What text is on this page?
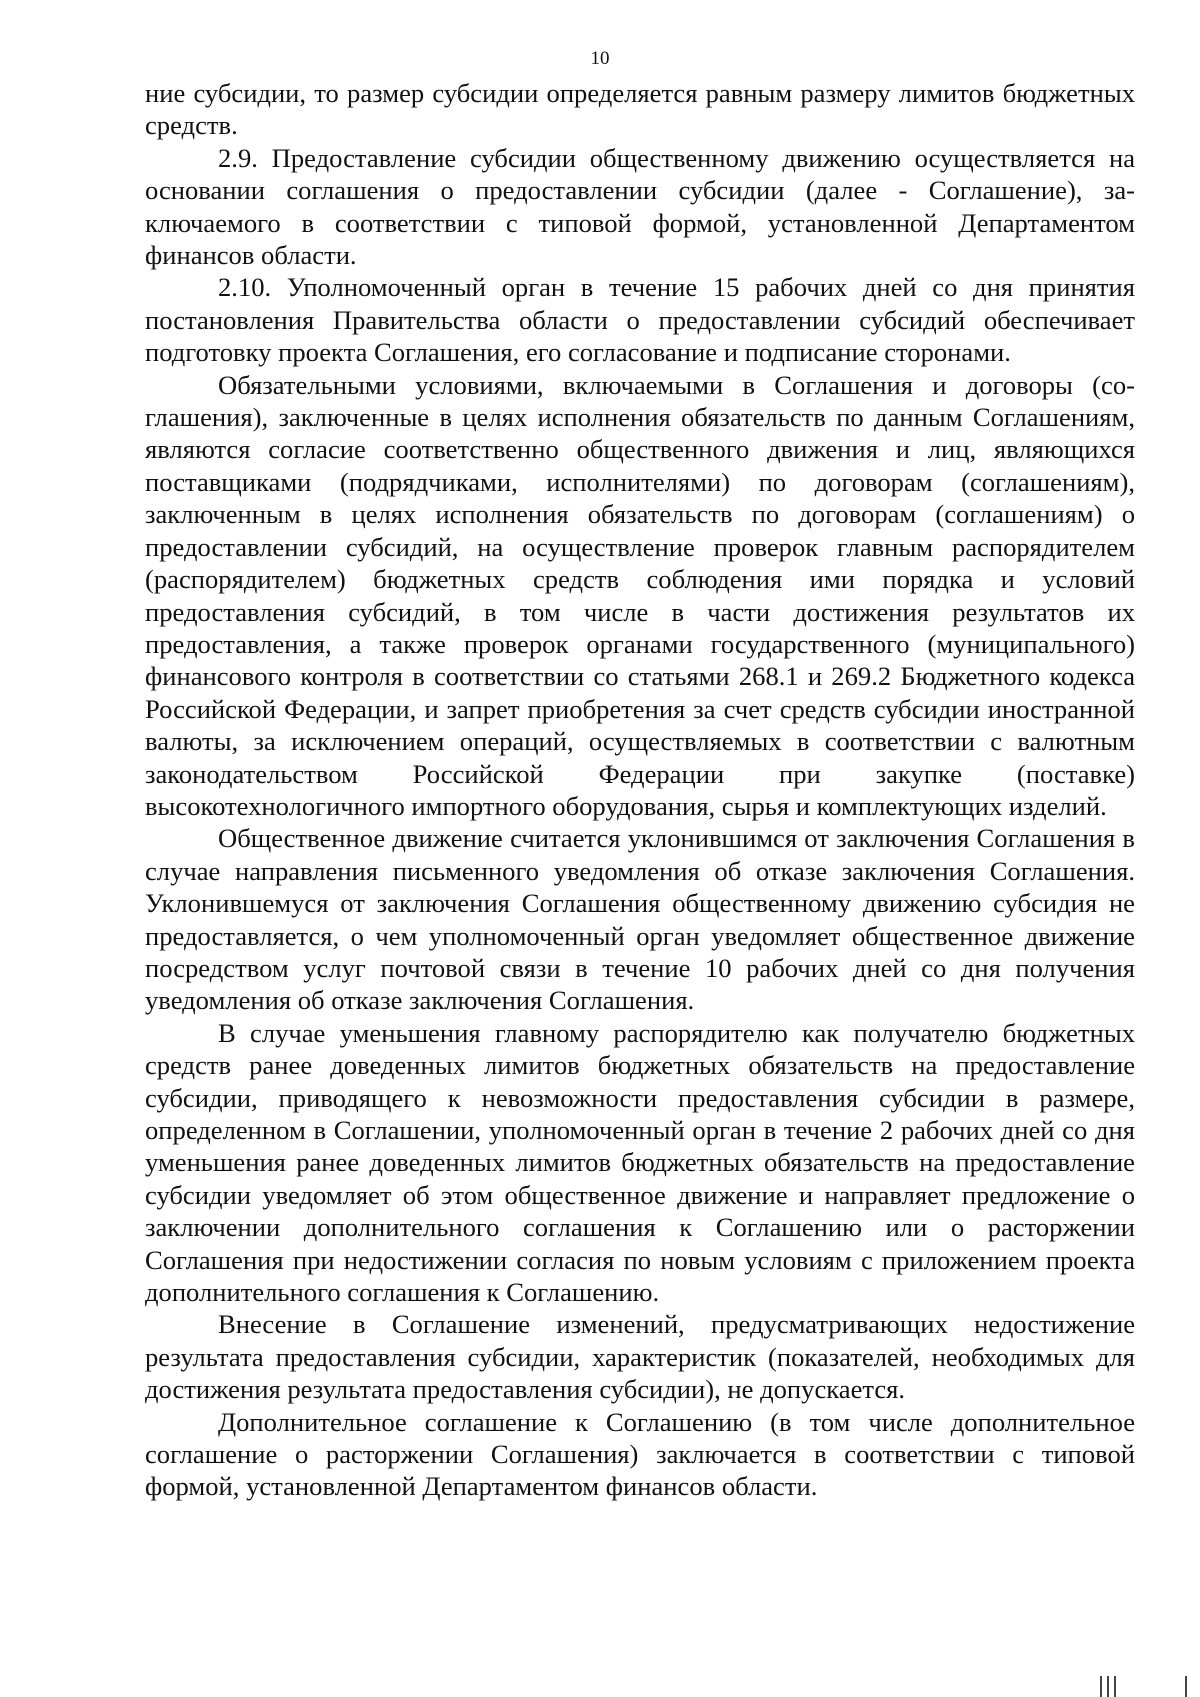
10

ние субсидии, то размер субсидии определяется равным размеру лимитов бюджетных средств.

2.9. Предоставление субсидии общественному движению осуществляется на основании соглашения о предоставлении субсидии (далее - Соглашение), заключаемого в соответствии с типовой формой, установленной Департаментом финансов области.

2.10. Уполномоченный орган в течение 15 рабочих дней со дня принятия постановления Правительства области о предоставлении субсидий обеспечивает подготовку проекта Соглашения, его согласование и подписание сторонами.

Обязательными условиями, включаемыми в Соглашения и договоры (соглашения), заключенные в целях исполнения обязательств по данным Соглашениям, являются согласие соответственно общественного движения и лиц, являющихся поставщиками (подрядчиками, исполнителями) по договорам (соглашениям), заключенным в целях исполнения обязательств по договорам (соглашениям) о предоставлении субсидий, на осуществление проверок главным распорядителем (распорядителем) бюджетных средств соблюдения ими порядка и условий предоставления субсидий, в том числе в части достижения результатов их предоставления, а также проверок органами государственного (муниципального) финансового контроля в соответствии со статьями 268.1 и 269.2 Бюджетного кодекса Российской Федерации, и запрет приобретения за счет средств субсидии иностранной валюты, за исключением операций, осуществляемых в соответствии с валютным законодательством Российской Федерации при закупке (поставке) высокотехнологичного импортного оборудования, сырья и комплектующих изделий.

Общественное движение считается уклонившимся от заключения Соглашения в случае направления письменного уведомления об отказе заключения Соглашения. Уклонившемуся от заключения Соглашения общественному движению субсидия не предоставляется, о чем уполномоченный орган уведомляет общественное движение посредством услуг почтовой связи в течение 10 рабочих дней со дня получения уведомления об отказе заключения Соглашения.

В случае уменьшения главному распорядителю как получателю бюджетных средств ранее доведенных лимитов бюджетных обязательств на предоставление субсидии, приводящего к невозможности предоставления субсидии в размере, определенном в Соглашении, уполномоченный орган в течение 2 рабочих дней со дня уменьшения ранее доведенных лимитов бюджетных обязательств на предоставление субсидии уведомляет об этом общественное движение и направляет предложение о заключении дополнительного соглашения к Соглашению или о расторжении Соглашения при недостижении согласия по новым условиям с приложением проекта дополнительного соглашения к Соглашению.

Внесение в Соглашение изменений, предусматривающих недостижение результата предоставления субсидии, характеристик (показателей, необходимых для достижения результата предоставления субсидии), не допускается.

Дополнительное соглашение к Соглашению (в том числе дополнительное соглашение о расторжении Соглашения) заключается в соответствии с типовой формой, установленной Департаментом финансов области.
